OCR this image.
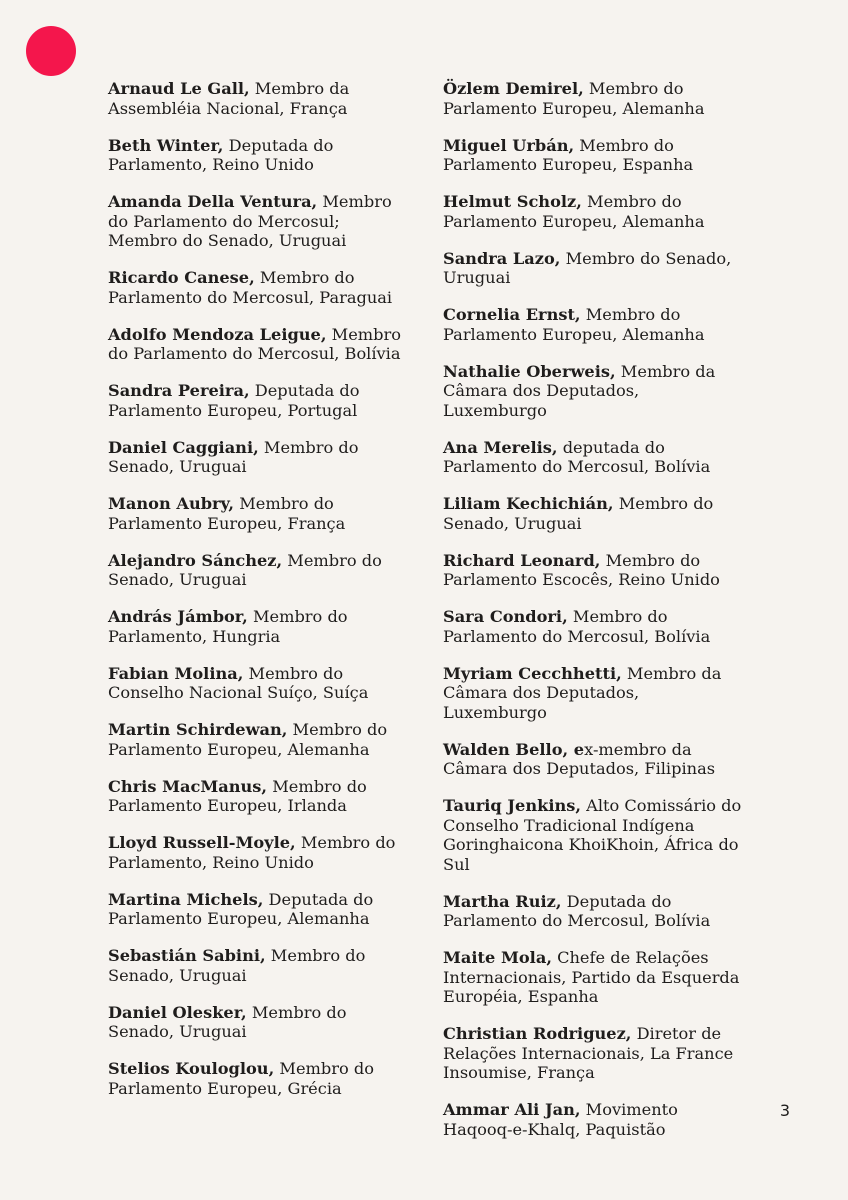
Arnaud Le Gall, Membro da Assembléia Nacional, França

Beth Winter, Deputada do Parlamento, Reino Unido

Amanda Della Ventura, Membro do Parlamento do Mercosul; Membro do Senado, Uruguai

Ricardo Canese, Membro do Parlamento do Mercosul, Paraguai

Adolfo Mendoza Leigue, Membro do Parlamento do Mercosul, Bolívia

Sandra Pereira, Deputada do Parlamento Europeu, Portugal

Daniel Caggiani, Membro do Senado, Uruguai

Manon Aubry, Membro do Parlamento Europeu, França

Alejandro Sánchez, Membro do Senado, Uruguai

András Jámbor, Membro do Parlamento, Hungria

Fabian Molina, Membro do Conselho Nacional Suíço, Suíça

Martin Schirdewan, Membro do Parlamento Europeu, Alemanha

Chris MacManus, Membro do Parlamento Europeu, Irlanda

Lloyd Russell-Moyle, Membro do Parlamento, Reino Unido

Martina Michels, Deputada do Parlamento Europeu, Alemanha

Sebastián Sabini, Membro do Senado, Uruguai

Daniel Olesker, Membro do Senado, Uruguai

Stelios Kouloglou, Membro do Parlamento Europeu, Grécia

Özlem Demirel, Membro do Parlamento Europeu, Alemanha

Miguel Urbán, Membro do Parlamento Europeu, Espanha

Helmut Scholz, Membro do Parlamento Europeu, Alemanha

Sandra Lazo, Membro do Senado, Uruguai

Cornelia Ernst, Membro do Parlamento Europeu, Alemanha

Nathalie Oberweis, Membro da Câmara dos Deputados, Luxemburgo

Ana Merelis, deputada do Parlamento do Mercosul, Bolívia

Liliam Kechichián, Membro do Senado, Uruguai

Richard Leonard, Membro do Parlamento Escocês, Reino Unido

Sara Condori, Membro do Parlamento do Mercosul, Bolívia

Myriam Cecchhetti, Membro da Câmara dos Deputados, Luxemburgo

Walden Bello, ex-membro da Câmara dos Deputados, Filipinas

Tauriq Jenkins, Alto Comissário do Conselho Tradicional Indígena Goringhaicona KhoiKhoin, África do Sul

Martha Ruiz, Deputada do Parlamento do Mercosul, Bolívia

Maite Mola, Chefe de Relações Internacionais, Partido da Esquerda Européia, Espanha

Christian Rodriguez, Diretor de Relações Internacionais, La France Insoumise, França

Ammar Ali Jan, Movimento Haqooq-e-Khalq, Paquistão

3
